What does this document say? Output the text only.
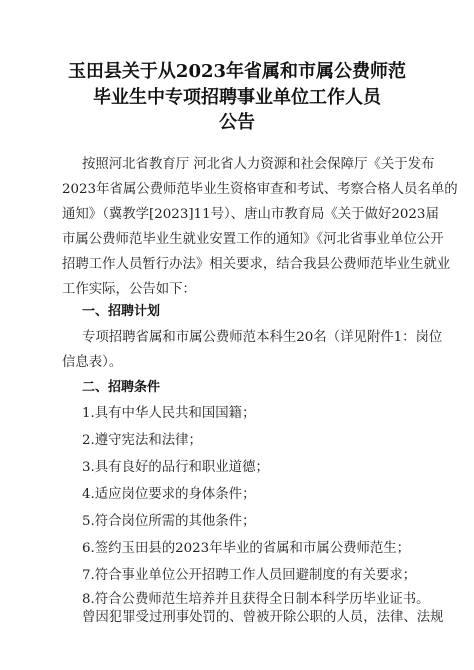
玉田县关于从2023年省属和市属公费师范
毕业生中专项招聘事业单位工作人员
公告
按照河北省教育厅 河北省人力资源和社会保障厅《关于发布
2023年省属公费师范毕业生资格审查和考试、考察合格人员名单的
通知》（冀教学[2023]11号）、唐山市教育局《关于做好2023届
市属公费师范毕业生就业安置工作的通知》《河北省事业单位公开
招聘工作人员暂行办法》相关要求，结合我县公费师范毕业生就业
工作实际，公告如下：
一、招聘计划
专项招聘省属和市属公费师范本科生20名（详见附件1：岗位
信息表）。
二、招聘条件
1.具有中华人民共和国国籍；
2.遵守宪法和法律；
3.具有良好的品行和职业道德；
4.适应岗位要求的身体条件；
5.符合岗位所需的其他条件；
6.签约玉田县的2023年毕业的省属和市属公费师范生；
7.符合事业单位公开招聘工作人员回避制度的有关要求；
8.符合公费师范生培养并且获得全日制本科学历毕业证书。
曾因犯罪受过刑事处罚的、曾被开除公职的人员，法律、法规
